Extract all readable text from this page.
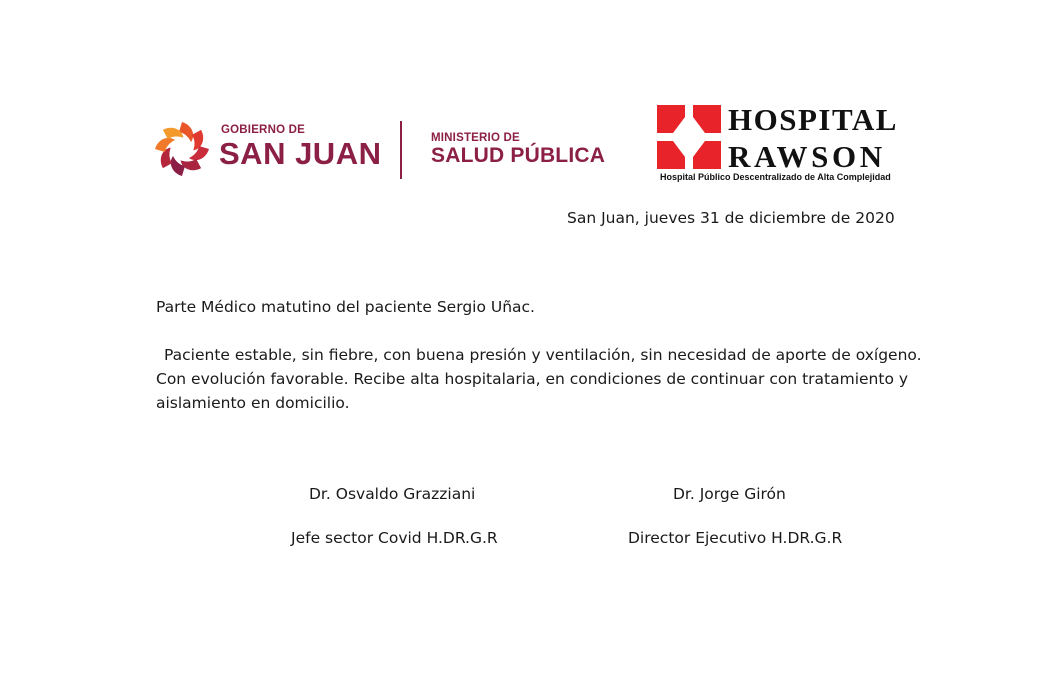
GOBIERNO DE
SAN JUAN	MINISTERIO DE
SALUD PÚBLICA
HOSPITAL
RAWSON
Hospital Público Descentralizado de Alta Complejidad
San Juan, jueves 31 de diciembre de 2020
Parte Médico matutino del paciente Sergio Uñac.
Paciente estable, sin fiebre, con buena presión y ventilación, sin necesidad de aporte de oxígeno.
Con evolución favorable. Recibe alta hospitalaria, en condiciones de continuar con tratamiento y
aislamiento en domicilio.
Dr. Osvaldo Grazziani
Jefe sector Covid H.DR.G.R
Dr. Jorge Girón
Director Ejecutivo H.DR.G.R
